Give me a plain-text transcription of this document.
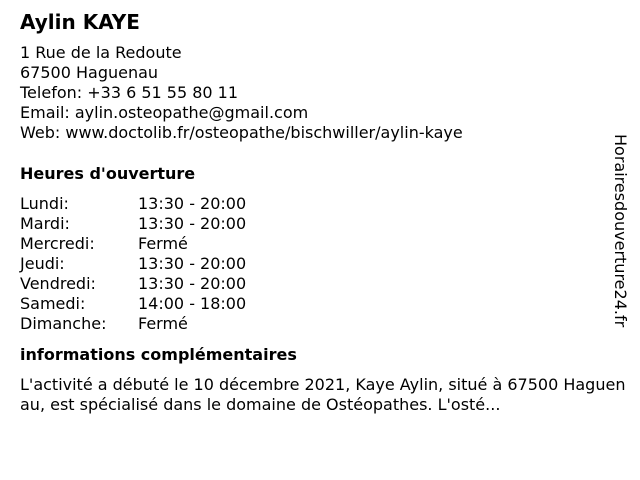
Aylin KAYE
1 Rue de la Redoute
67500 Haguenau
Telefon: +33 6 51 55 80 11
Email: aylin.osteopathe@gmail.com
Web: www.doctolib.fr/osteopathe/bischwiller/aylin-kaye
Heures d'ouverture
Lundi:	13:30 - 20:00
Mardi:	13:30 - 20:00
Mercredi:	Fermé
Jeudi:	13:30 - 20:00
Vendredi:	13:30 - 20:00
Samedi:	14:00 - 18:00
Dimanche:	Fermé
informations complémentaires
L'activité a débuté le 10 décembre 2021, Kaye Aylin, situé à 67500 Haguenau, est spécialisé dans le domaine de Ostéopathes. L'osté...
Horairesdouverture24.fr
